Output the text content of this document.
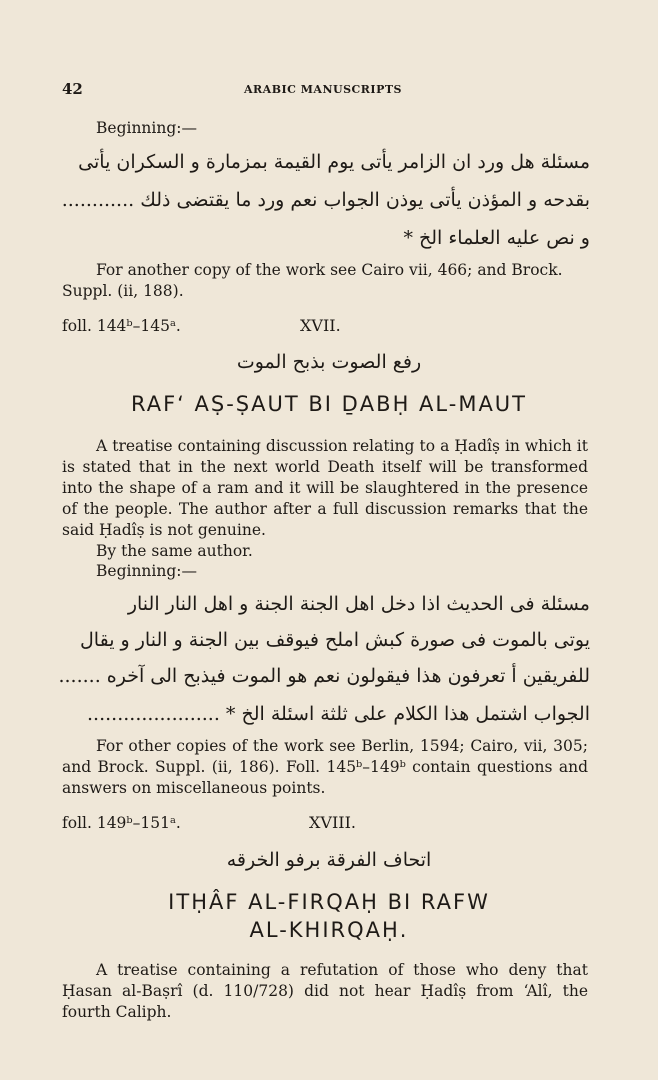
42	ARABIC MANUSCRIPTS
Beginning:—
مسئلة هل ورد ان الزامر يأتى يوم القيمة بمزمارة و السكران يأتى
بقدحه و المؤذن يأتى يوذن الجواب نعم ورد ما يقتضى ذلك ............
و نص عليه العلماء الخ *
For another copy of the work see Cairo vii, 466; and Brock.
Suppl. (ii, 188).
foll. 144ᵇ–145ᵃ.	XVII.
رفع الصوت بذبح الموت
RAF‘ AṢ-ṢAUT BI ḎABḤ AL-MAUT
A treatise containing discussion relating to a Ḥadîṣ in which it is stated that in the next world Death itself will be transformed into the shape of a ram and it will be slaughtered in the presence of the people. The author after a full discussion remarks that the said Ḥadîṣ is not genuine.
By the same author.
Beginning:—
مسئلة فى الحديث اذا دخل اهل الجنة الجنة و اهل النار النار
يوتى بالموت فى صورة كبش املح فيوقف بين الجنة و النار و يقال
للفريقين أ تعرفون هذا فيقولون نعم هو الموت فيذبح الى آخره .......
الجواب اشتمل هذا الكلام على ثلثة اسئلة الخ * ......................
For other copies of the work see Berlin, 1594; Cairo, vii, 305; and Brock. Suppl. (ii, 186). Foll. 145ᵇ–149ᵇ contain questions and answers on miscellaneous points.
foll. 149ᵇ–151ᵃ.	XVIII.
اتحاف الفرقة برفو الخرقه
ITḤÂF AL-FIRQAḤ BI RAFW
AL-KHIRQAḤ.
A treatise containing a refutation of those who deny that Ḥasan al-Baṣrî (d. 110/728) did not hear Ḥadîṣ from ‘Alî, the fourth Caliph.
